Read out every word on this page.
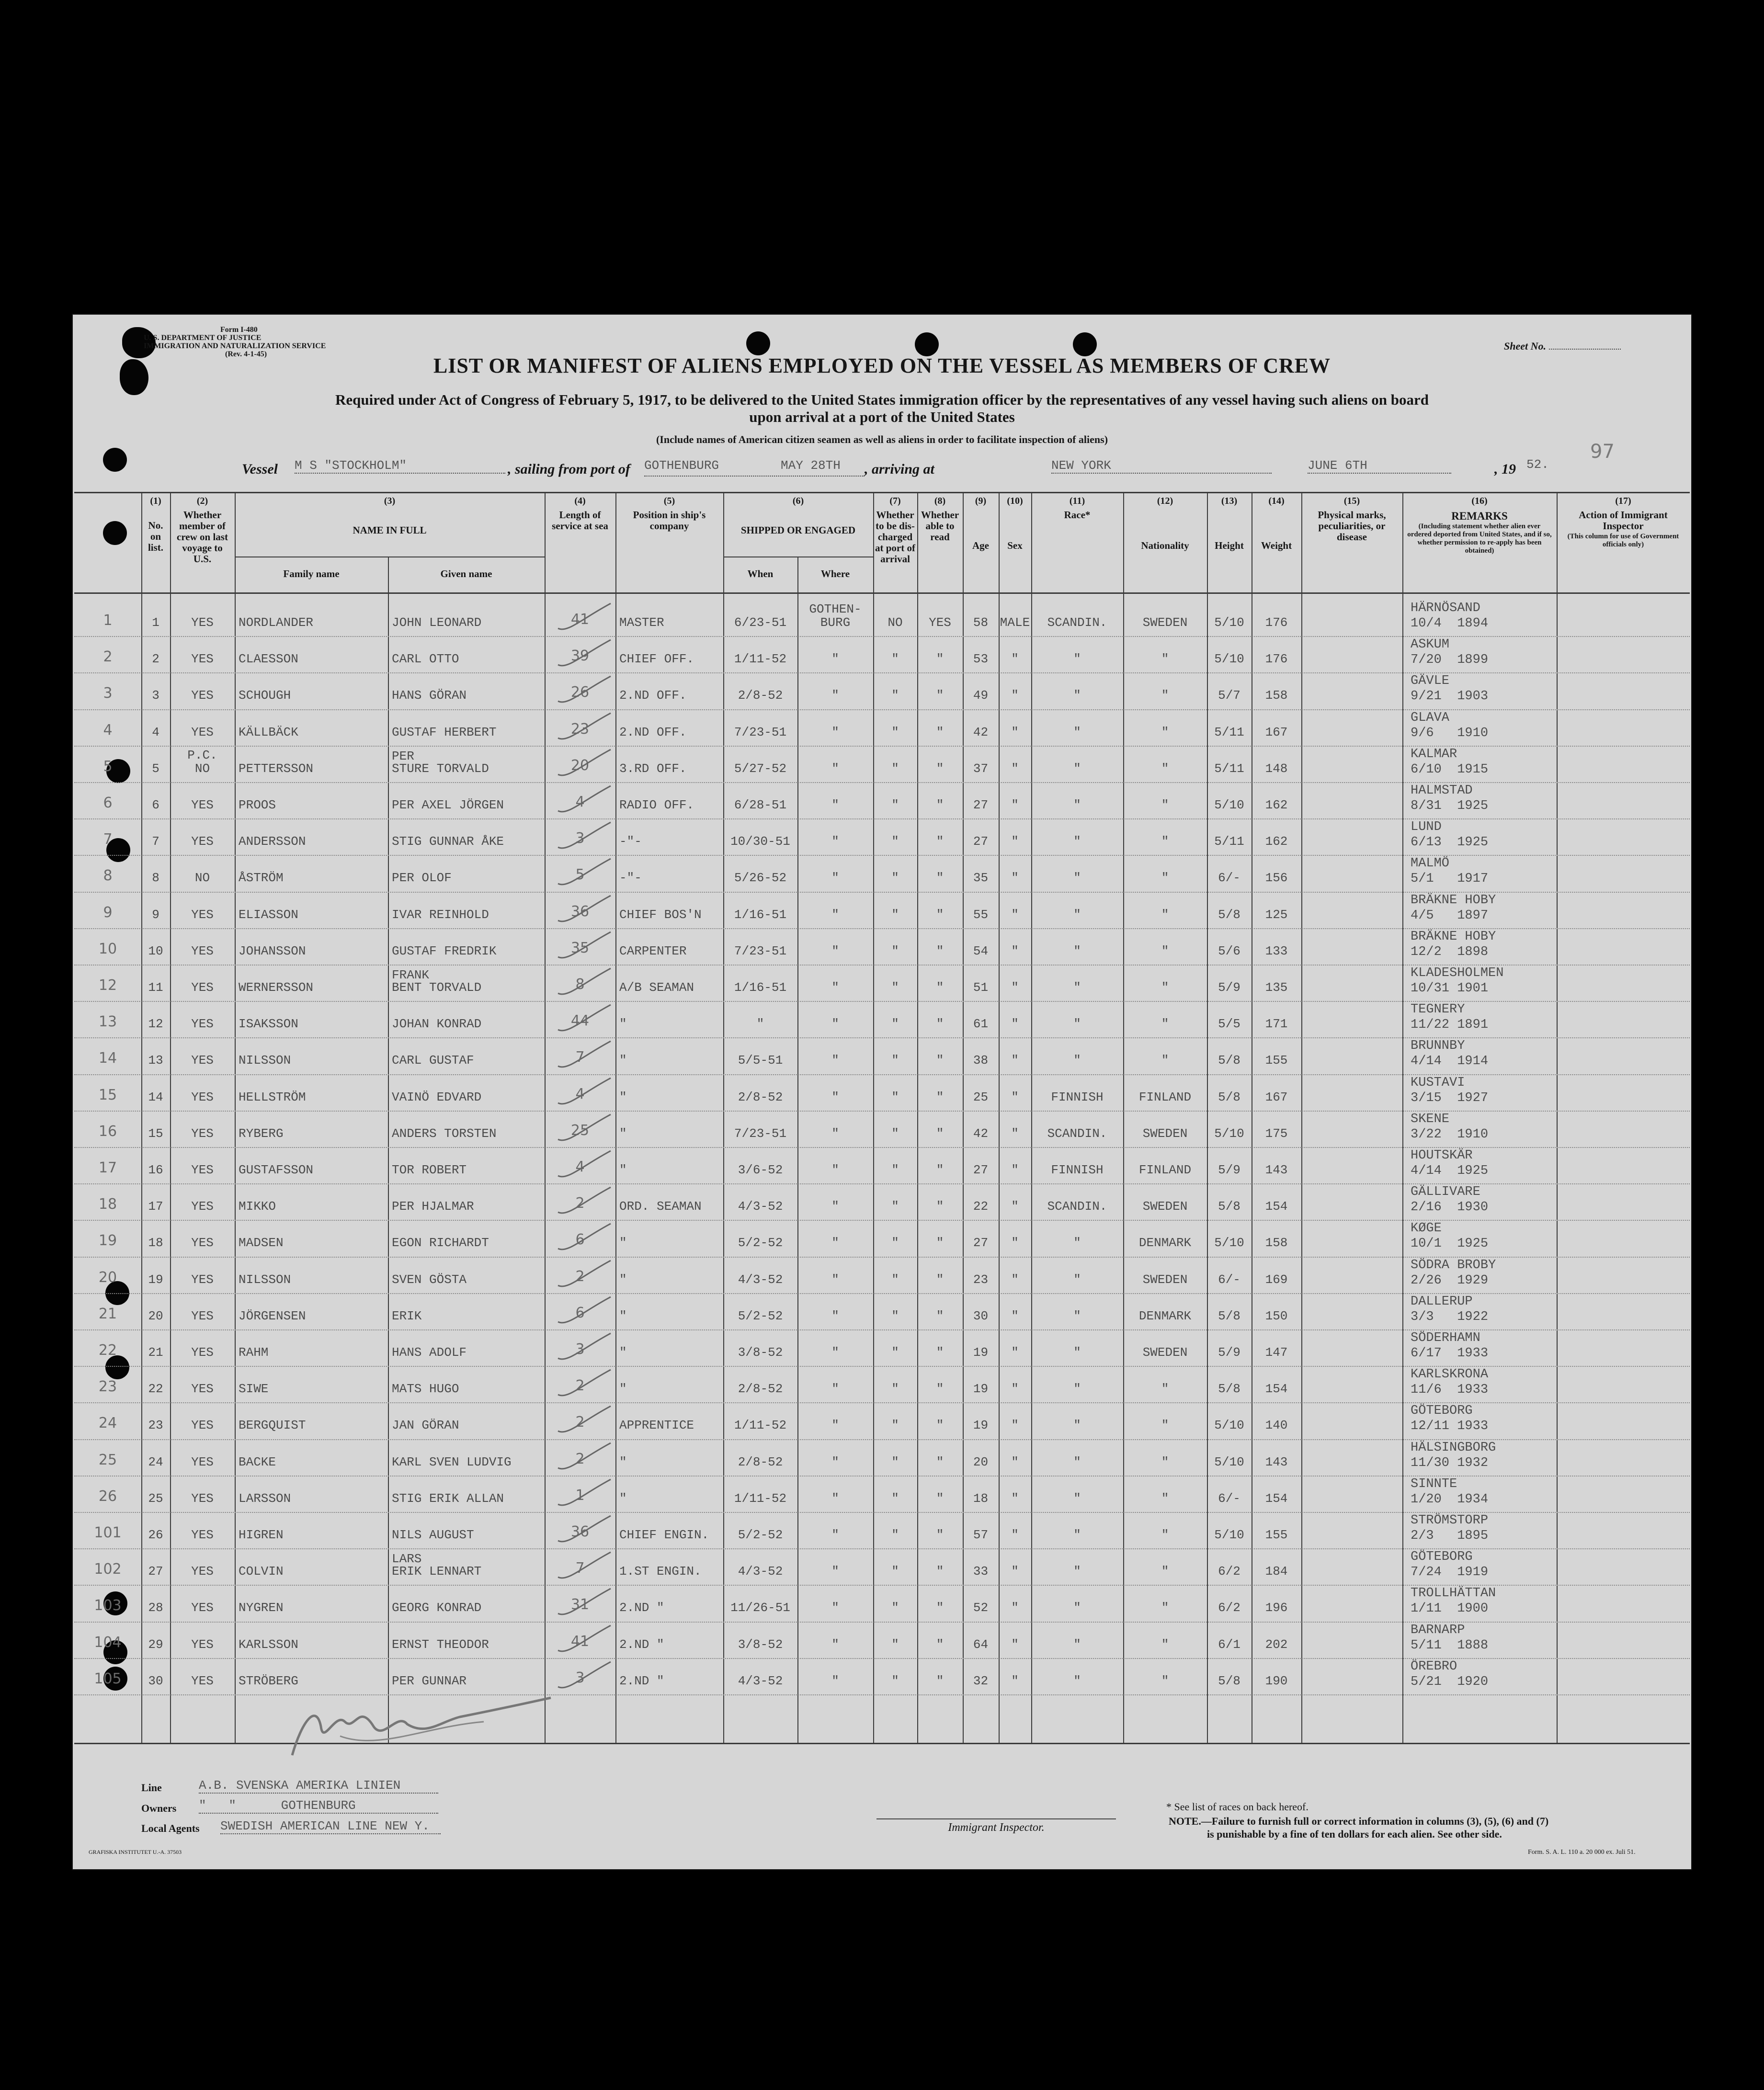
Form I-480
U. S. DEPARTMENT OF JUSTICE
IMMIGRATION AND NATURALIZATION SERVICE
(Rev. 4-1-45)
Sheet No.
LIST OR MANIFEST OF ALIENS EMPLOYED ON THE VESSEL AS MEMBERS OF CREW
Required under Act of Congress of February 5, 1917, to be delivered to the United States immigration officer by the representatives of any vessel having such aliens on board
upon arrival at a port of the United States
(Include names of American citizen seamen as well as aliens in order to facilitate inspection of aliens)
97
Vessel M S "STOCKHOLM"	, sailing from port of GOTHENBURG	MAY 28TH	, arriving at	NEW YORK	JUNE 6TH	, 19 52.
(1)
No. on list.
(2)
Whether member of crew on last voyage to U.S.
(3)
NAME IN FULL
Family name	Given name
(4)
Length of service at sea
(5)
Position in ship's company
(6)
SHIPPED OR ENGAGED
When	Where
(7)
Whether to be dis-charged at port of arrival
(8)
Whether able to read
(9)
Age
(10)
Sex
(11)
Race*
(12)
Nationality
(13)
Height
(14)
Weight
(15)
Physical marks, peculiarities, or disease
(16)
REMARKS
(Including statement whether alien ever ordered deported from United States, and if so, whether permission to re-apply has been obtained)
(17)
Action of Immigrant Inspector
(This column for use of Government officials only)
1	1	YES	NORDLANDER	JOHN LEONARD	41	MASTER	6/23-51
GOTHEN-
BURG	NO	YES	58 MALE	SCANDIN.	SWEDEN	5/10	176
HÄRNÖSAND
10/4  1894
2	2	YES	CLAESSON	CARL OTTO	39	CHIEF OFF.	1/11-52	"	"	"	53	"	"	"	5/10	176
ASKUM
7/20  1899
3	3	YES	SCHOUGH	HANS GÖRAN	26	2.ND OFF.	2/8-52	"	"	"	49	"	"	"	5/7	158
GÄVLE
9/21  1903
4	4	YES	KÄLLBÄCK	GUSTAF HERBERT	23	2.ND OFF.	7/23-51	"	"	"	42	"	"	"	5/11	167
GLAVA
9/6   1910
5	5
P.C.
NO	PETTERSSON
PER
STURE TORVALD	20	3.RD OFF.	5/27-52	"	"	"	37	"	"	"	5/11	148
KALMAR
6/10  1915
6	6	YES	PROOS	PER AXEL JÖRGEN	4	RADIO OFF.	6/28-51	"	"	"	27	"	"	"	5/10	162
HALMSTAD
8/31  1925
7	7	YES	ANDERSSON	STIG GUNNAR ÅKE	3	-"-	10/30-51	"	"	"	27	"	"	"	5/11	162
LUND
6/13  1925
8	8	NO	ÅSTRÖM	PER OLOF	5	-"-	5/26-52	"	"	"	35	"	"	"	6/-	156
MALMÖ
5/1   1917
9	9	YES	ELIASSON	IVAR REINHOLD	36	CHIEF BOS'N	1/16-51	"	"	"	55	"	"	"	5/8	125
BRÄKNE HOBY
4/5   1897
10	10	YES	JOHANSSON	GUSTAF FREDRIK	35	CARPENTER	7/23-51	"	"	"	54	"	"	"	5/6	133
BRÄKNE HOBY
12/2  1898
12	11	YES	WERNERSSON
FRANK
BENT TORVALD	8	A/B SEAMAN	1/16-51	"	"	"	51	"	"	"	5/9	135
KLADESHOLMEN
10/31 1901
13	12	YES	ISAKSSON	JOHAN KONRAD	44	"	"	"	"	"	61	"	"	"	5/5	171
TEGNERY
11/22 1891
14	13	YES	NILSSON	CARL GUSTAF	7	"	5/5-51	"	"	"	38	"	"	"	5/8	155
BRUNNBY
4/14  1914
15	14	YES	HELLSTRÖM	VAINÖ EDVARD	4	"	2/8-52	"	"	"	25	"	FINNISH	FINLAND	5/8	167
KUSTAVI
3/15  1927
16	15	YES	RYBERG	ANDERS TORSTEN	25	"	7/23-51	"	"	"	42	"	SCANDIN.	SWEDEN	5/10	175
SKENE
3/22  1910
17	16	YES	GUSTAFSSON	TOR ROBERT	4	"	3/6-52	"	"	"	27	"	FINNISH	FINLAND	5/9	143
HOUTSKÄR
4/14  1925
18	17	YES	MIKKO	PER HJALMAR	2	ORD. SEAMAN	4/3-52	"	"	"	22	"	SCANDIN.	SWEDEN	5/8	154
GÄLLIVARE
2/16  1930
19	18	YES	MADSEN	EGON RICHARDT	6	"	5/2-52	"	"	"	27	"	"	DENMARK	5/10	158
KØGE
10/1  1925
20	19	YES	NILSSON	SVEN GÖSTA	2	"	4/3-52	"	"	"	23	"	"	SWEDEN	6/-	169
SÖDRA BROBY
2/26  1929
21	20	YES	JÖRGENSEN	ERIK	6	"	5/2-52	"	"	"	30	"	"	DENMARK	5/8	150
DALLERUP
3/3   1922
22	21	YES	RAHM	HANS ADOLF	3	"	3/8-52	"	"	"	19	"	"	SWEDEN	5/9	147
SÖDERHAMN
6/17  1933
23	22	YES	SIWE	MATS HUGO	2	"	2/8-52	"	"	"	19	"	"	"	5/8	154
KARLSKRONA
11/6  1933
24	23	YES	BERGQUIST	JAN GÖRAN	2	APPRENTICE	1/11-52	"	"	"	19	"	"	"	5/10	140
GÖTEBORG
12/11 1933
25	24	YES	BACKE	KARL SVEN LUDVIG	2	"	2/8-52	"	"	"	20	"	"	"	5/10	143
HÄLSINGBORG
11/30 1932
26	25	YES	LARSSON	STIG ERIK ALLAN	1	"	1/11-52	"	"	"	18	"	"	"	6/-	154
SINNTE
1/20  1934
101	26	YES	HIGREN	NILS AUGUST	36	CHIEF ENGIN.	5/2-52	"	"	"	57	"	"	"	5/10	155
STRÖMSTORP
2/3   1895
102	27	YES	COLVIN
LARS
ERIK LENNART	7	1.ST ENGIN.	4/3-52	"	"	"	33	"	"	"	6/2	184
GÖTEBORG
7/24  1919
103	28	YES	NYGREN	GEORG KONRAD	31	2.ND "	11/26-51	"	"	"	52	"	"	"	6/2	196
TROLLHÄTTAN
1/11  1900
104	29	YES	KARLSSON	ERNST THEODOR	41	2.ND "	3/8-52	"	"	"	64	"	"	"	6/1	202
BARNARP
5/11  1888
105	30	YES	STRÖBERG	PER GUNNAR	3	2.ND "	4/3-52	"	"	"	32	"	"	"	5/8	190
ÖREBRO
5/21  1920
Line	A.B. SVENSKA AMERIKA LINIEN
Owners "   "      GOTHENBURG
Local Agents SWEDISH AMERICAN LINE NEW Y.	Immigrant Inspector.
* See list of races on back hereof.
NOTE.—Failure to furnish full or correct information in columns (3), (5), (6) and (7)
is punishable by a fine of ten dollars for each alien. See other side.
GRAFISKA INSTITUTET U.-A. 37503	Form. S. A. L. 110 a. 20 000 ex. Juli 51.
